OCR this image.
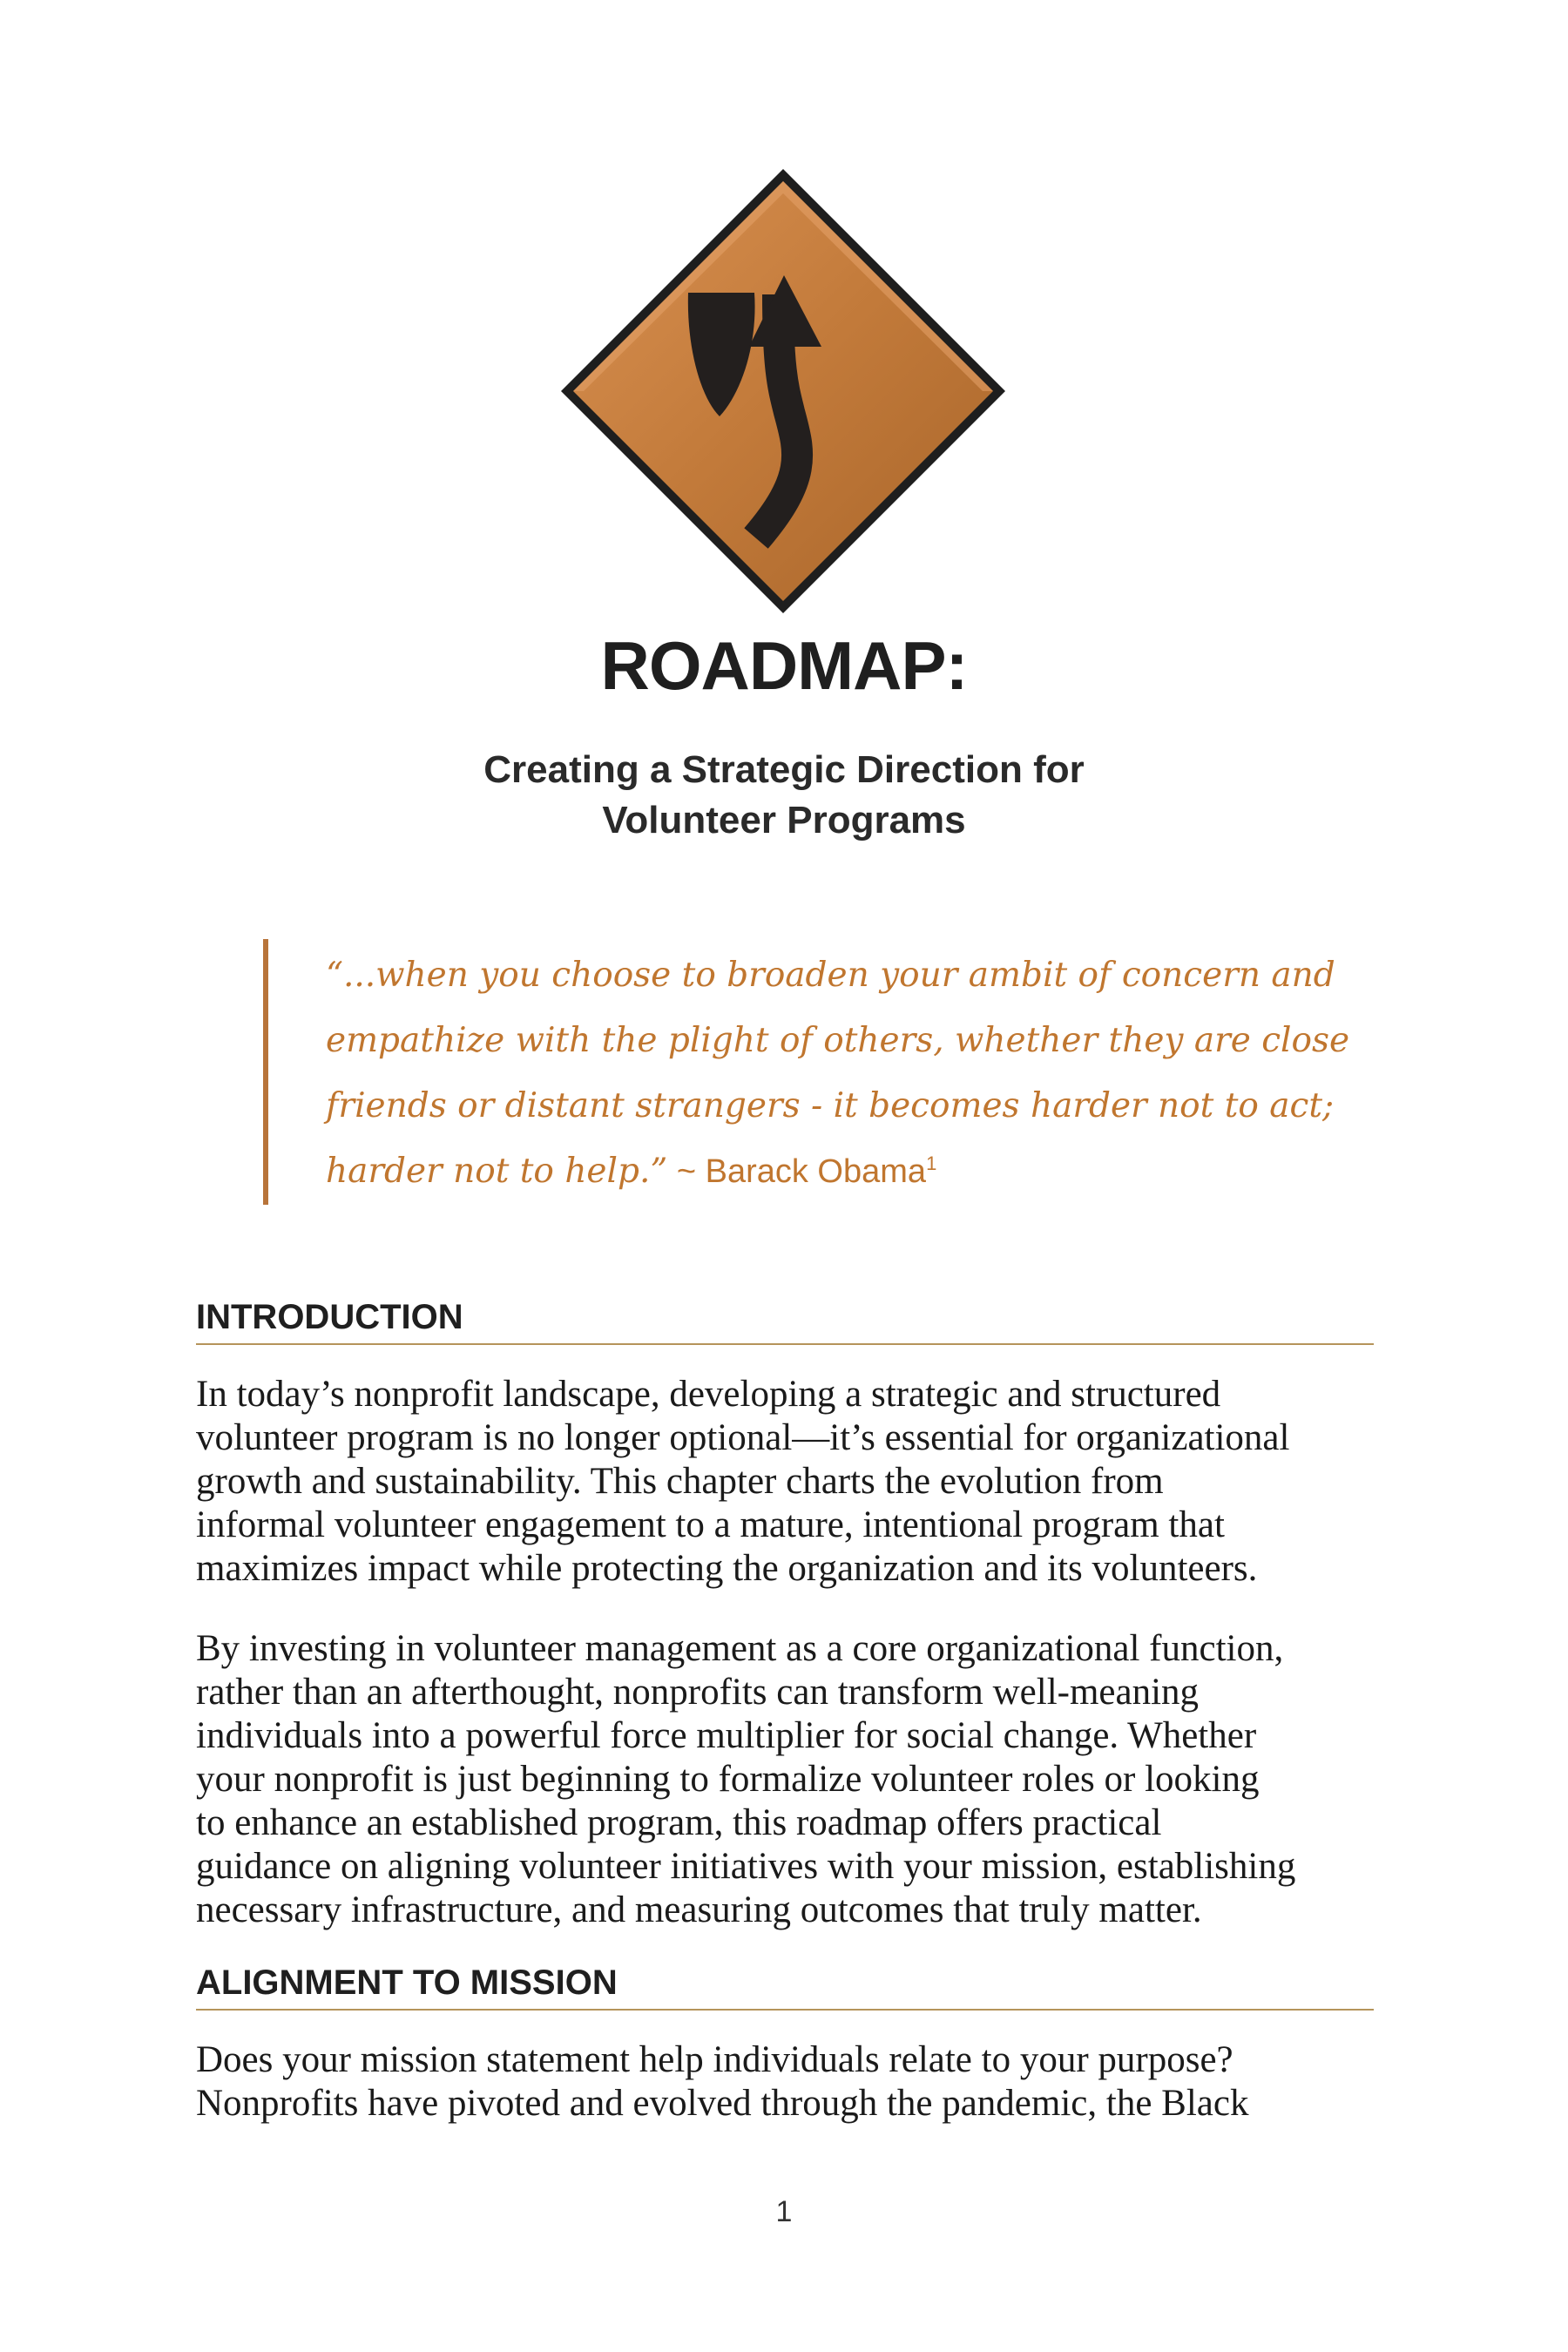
ROADMAP:
Creating a Strategic Direction for
Volunteer Programs

“...when you choose to broaden your ambit of concern and
empathize with the plight of others, whether they are close
friends or distant strangers - it becomes harder not to act;
harder not to help.” ~ Barack Obama$^1$

INTRODUCTION

In today’s nonprofit landscape, developing a strategic and structured
volunteer program is no longer optional—it’s essential for organizational
growth and sustainability. This chapter charts the evolution from
informal volunteer engagement to a mature, intentional program that
maximizes impact while protecting the organization and its volunteers.

By investing in volunteer management as a core organizational function,
rather than an afterthought, nonprofits can transform well-meaning
individuals into a powerful force multiplier for social change. Whether
your nonprofit is just beginning to formalize volunteer roles or looking
to enhance an established program, this roadmap offers practical
guidance on aligning volunteer initiatives with your mission, establishing
necessary infrastructure, and measuring outcomes that truly matter.

ALIGNMENT TO MISSION

Does your mission statement help individuals relate to your purpose?
Nonprofits have pivoted and evolved through the pandemic, the Black

1
